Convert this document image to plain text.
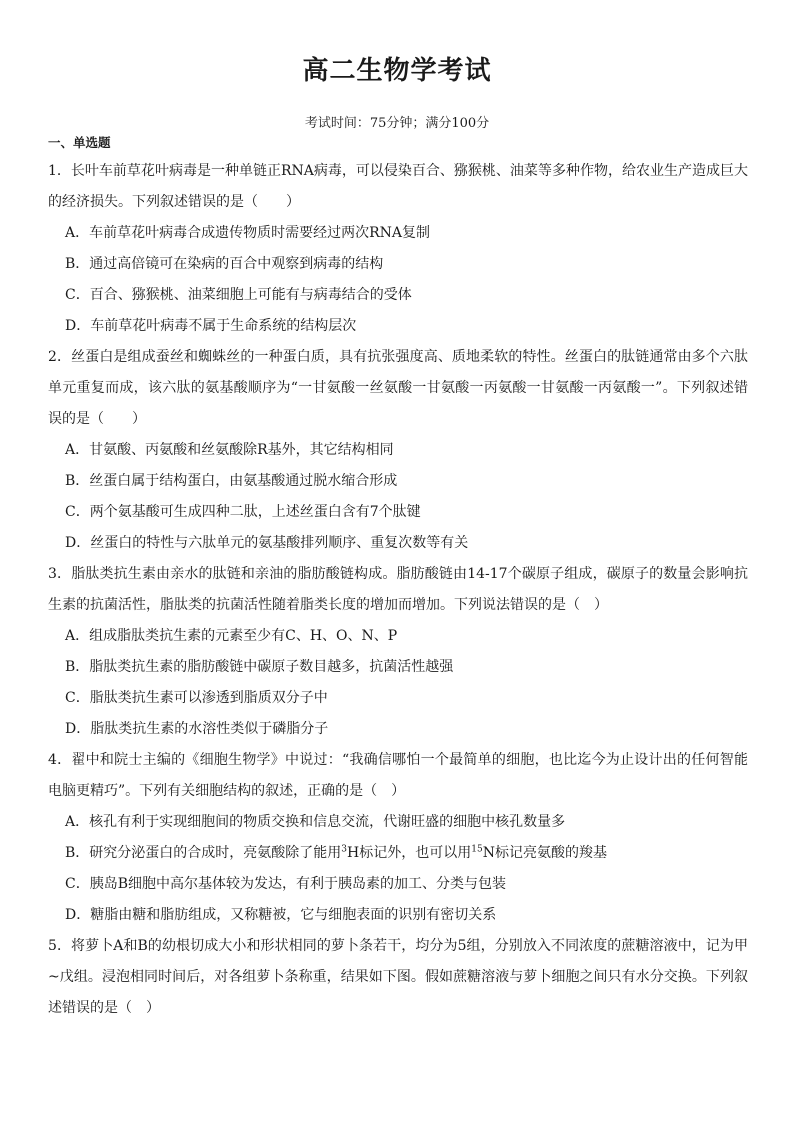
高二生物学考试
考试时间：75分钟；满分100分
一、单选题

1．长叶车前草花叶病毒是一种单链正RNA病毒，可以侵染百合、猕猴桃、油菜等多种作物，给农业生产造成巨大的经济损失。下列叙述错误的是（　　）

A．车前草花叶病毒合成遗传物质时需要经过两次RNA复制

B．通过高倍镜可在染病的百合中观察到病毒的结构

C．百合、猕猴桃、油菜细胞上可能有与病毒结合的受体

D．车前草花叶病毒不属于生命系统的结构层次

2．丝蛋白是组成蚕丝和蜘蛛丝的一种蛋白质，具有抗张强度高、质地柔软的特性。丝蛋白的肽链通常由多个六肽单元重复而成，该六肽的氨基酸顺序为“一甘氨酸一丝氨酸一甘氨酸一丙氨酸一甘氨酸一丙氨酸一”。下列叙述错误的是（　　）

A．甘氨酸、丙氨酸和丝氨酸除R基外，其它结构相同

B．丝蛋白属于结构蛋白，由氨基酸通过脱水缩合形成

C．两个氨基酸可生成四种二肽，上述丝蛋白含有7个肽键

D．丝蛋白的特性与六肽单元的氨基酸排列顺序、重复次数等有关

3．脂肽类抗生素由亲水的肽链和亲油的脂肪酸链构成。脂肪酸链由14-17个碳原子组成，碳原子的数量会影响抗生素的抗菌活性，脂肽类的抗菌活性随着脂类长度的增加而增加。下列说法错误的是（　）

A．组成脂肽类抗生素的元素至少有C、H、O、N、P

B．脂肽类抗生素的脂肪酸链中碳原子数目越多，抗菌活性越强

C．脂肽类抗生素可以渗透到脂质双分子中

D．脂肽类抗生素的水溶性类似于磷脂分子

4．翟中和院士主编的《细胞生物学》中说过：“我确信哪怕一个最简单的细胞，也比迄今为止设计出的任何智能电脑更精巧”。下列有关细胞结构的叙述，正确的是（　）

A．核孔有利于实现细胞间的物质交换和信息交流，代谢旺盛的细胞中核孔数量多

B．研究分泌蛋白的合成时，亮氨酸除了能用$^3$H标记外，也可以用$^{15}$N标记亮氨酸的羧基

C．胰岛B细胞中高尔基体较为发达，有利于胰岛素的加工、分类与包装

D．糖脂由糖和脂肪组成，又称糖被，它与细胞表面的识别有密切关系

5．将萝卜A和B的幼根切成大小和形状相同的萝卜条若干，均分为5组，分别放入不同浓度的蔗糖溶液中，记为甲~戊组。浸泡相同时间后，对各组萝卜条称重，结果如下图。假如蔗糖溶液与萝卜细胞之间只有水分交换。下列叙述错误的是（　）
